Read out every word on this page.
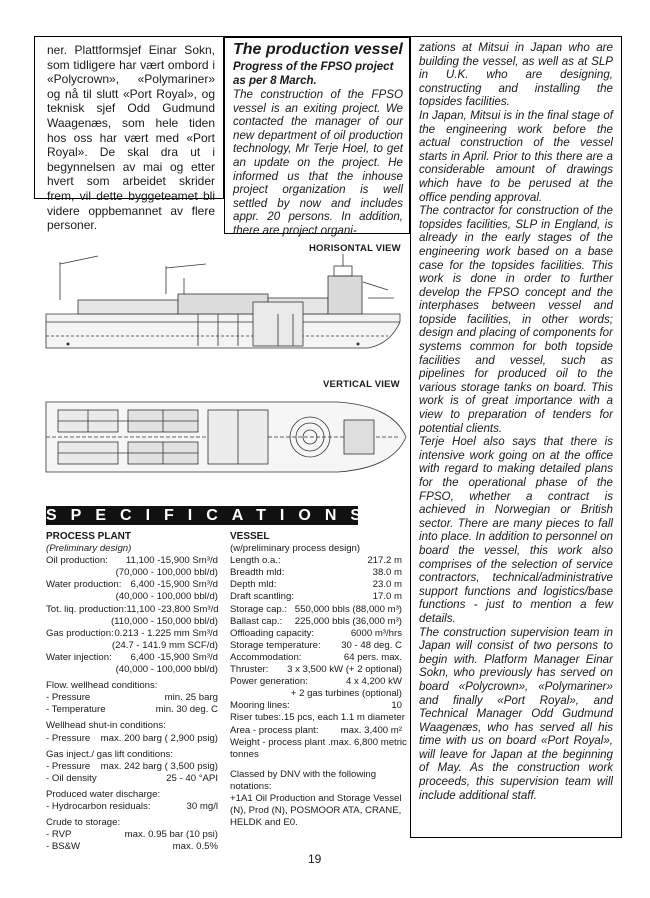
ner. Plattformsjef Einar Sokn, som tidligere har vært ombord i «Polycrown», «Polymariner» og nå til slutt «Port Royal», og teknisk sjef Odd Gudmund Waagenæs, som hele tiden hos oss har vært med «Port Royal». De skal dra ut i begynnelsen av mai og etter hvert som arbeidet skrider frem, vil dette byggeteamet bli videre oppbemannet av flere personer.
The production vessel
Progress of the FPSO project as per 8 March.
The construction of the FPSO vessel is an exiting project. We contacted the manager of our new department of oil production technology, Mr Terje Hoel, to get an update on the project. He informed us that the inhouse project organization is well settled by now and includes appr. 20 persons. In addition, there are project organi-

zations at Mitsui in Japan who are building the vessel, as well as at SLP in U.K. who are designing, constructing and installing the topsides facilities.

In Japan, Mitsui is in the final stage of the engineering work before the actual construction of the vessel starts in April. Prior to this there are a considerable amount of drawings which have to be perused at the office pending approval.

The contractor for construction of the topsides facilities, SLP in England, is already in the early stages of the engineering work based on a base case for the topsides facilities. This work is done in order to further develop the FPSO concept and the interphases between vessel and topside facilities, in other words; design and placing of components for systems common for both topside facilities and vessel, such as pipelines for produced oil to the various storage tanks on board. This work is of great importance with a view to preparation of tenders for potential clients.

Terje Hoel also says that there is intensive work going on at the office with regard to making detailed plans for the operational phase of the FPSO, whether a contract is achieved in Norwegian or British sector. There are many pieces to fall into place. In addition to personnel on board the vessel, this work also comprises of the selection of service contractors, technical/administrative support functions and logistics/base functions - just to mention a few details.

The construction supervision team in Japan will consist of two persons to begin with. Platform Manager Einar Sokn, who previously has served on board «Polycrown», «Polymariner» and finally «Port Royal», and Technical Manager Odd Gudmund Waagenæs, who has served all his time with us on board «Port Royal», will leave for Japan at the beginning of May. As the construction work proceeds, this supervision team will include additional staff.

HORISONTAL VIEW
VERTICAL VIEW
SPECIFICATIONS
PROCESS PLANT
(Preliminary design)
Oil production: 11,100 -15,900 Sm³/d
(70,000 - 100,000 bbl/d)
Water production: 6,400 -15,900 Sm³/d
(40,000 - 100,000 bbl/d)
Tot. liq. production: 11,100 -23,800 Sm³/d
(110,000 - 150,000 bbl/d)
Gas production: 0.213 - 1.225 mm Sm³/d
(24.7 - 141.9 mm SCF/d)
Water injection: 6,400 -15,900 Sm³/d
(40,000 - 100,000 bbl/d)
Flow. wellhead conditions:
- Pressure	min. 25 barg
- Temperature	min. 30 deg. C
Wellhead shut-in conditions:
- Pressure max. 200 barg ( 2,900 psig)
Gas inject./ gas lift conditions:
- Pressure max. 242 barg ( 3,500 psig)
- Oil density	25 - 40 °API
Produced water discharge:
- Hydrocarbon residuals:	30 mg/l
Crude to storage:
- RVP	max. 0.95 bar (10 psi)
- BS&W	max. 0.5%
VESSEL
(w/preliminary process design)
Length o.a.:	217.2 m
Breadth mld:	38.0 m
Depth mld:	23.0 m
Draft scantling:	17.0 m
Storage cap.: 550,000 bbls (88,000 m³)
Ballast cap.: 225,000 bbls (36,000 m³)
Offloading capacity:	6000 m³/hrs
Storage temperature: 30 - 48 deg. C
Accommodation:	64 pers. max.
Thruster: 3 x 3,500 kW (+ 2 optional)
Power generation:	4 x 4,200 kW
+ 2 gas turbines (optional)
Mooring lines:	10
Riser tubes:.15 pcs, each 1.1 m diameter
Area - process plant: max. 3,400 m²
Weight - process plant .max. 6,800 metric
tonnes
Classed by DNV with the following notations:
+1A1 Oil Production and Storage Vessel (N), Prod (N), POSMOOR ATA, CRANE, HELDK and E0.
19
